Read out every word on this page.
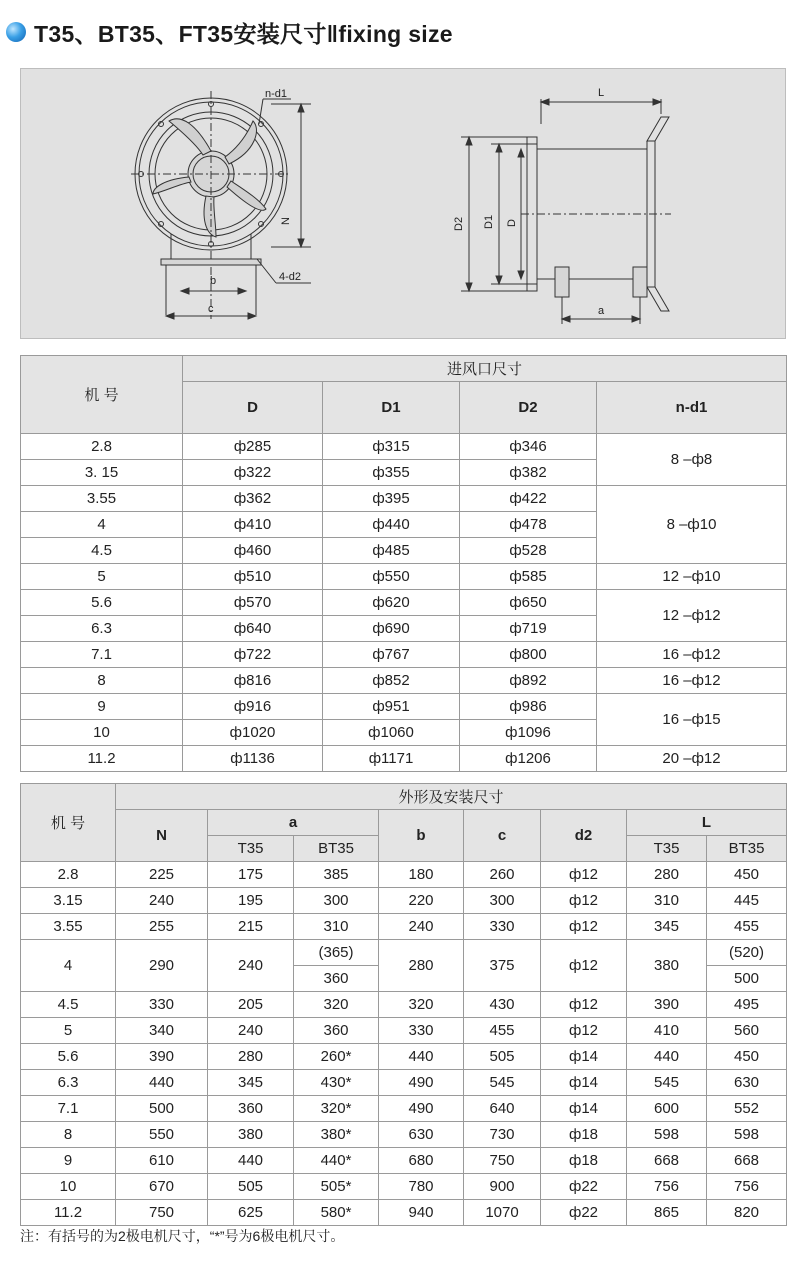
T35、BT35、FT35安装尺寸‖fixing size
n-d1
N
b	4-d2
c
L
D2 D1 D
a
机 号	进风口尺寸			
	D	D1	D2	n-d1
2.8	ф285	ф315	ф346	8 –ф8
3. 15	ф322	ф355	ф382	
3.55	ф362	ф395	ф422	8 –ф10
4	ф410	ф440	ф478	
4.5	ф460	ф485	ф528	
5	ф510	ф550	ф585	12 –ф10
5.6	ф570	ф620	ф650	12 –ф12
6.3	ф640	ф690	ф719	
7.1	ф722	ф767	ф800	16 –ф12
8	ф816	ф852	ф892	16 –ф12
9	ф916	ф951	ф986	16 –ф15
10	ф1020	ф1060	ф1096	
11.2	ф1136	ф1171	ф1206	20 –ф12
机 号	外形及安装尺寸							
	N	a		b	c	d2	L	
		T35	BT35				T35	BT35
2.8	225	175	385	180	260	ф12	280	450
3.15	240	195	300	220	300	ф12	310	445
3.55	255	215	310	240	330	ф12	345	455
4	290	240	(365)	280	375	ф12	380	(520)
			360					500
4.5	330	205	320	320	430	ф12	390	495
5	340	240	360	330	455	ф12	410	560
5.6	390	280	260*	440	505	ф14	440	450
6.3	440	345	430*	490	545	ф14	545	630
7.1	500	360	320*	490	640	ф14	600	552
8	550	380	380*	630	730	ф18	598	598
9	610	440	440*	680	750	ф18	668	668
10	670	505	505*	780	900	ф22	756	756
11.2	750	625	580*	940	1070	ф22	865	820
注：有括号的为2极电机尺寸，“*”号为6极电机尺寸。
